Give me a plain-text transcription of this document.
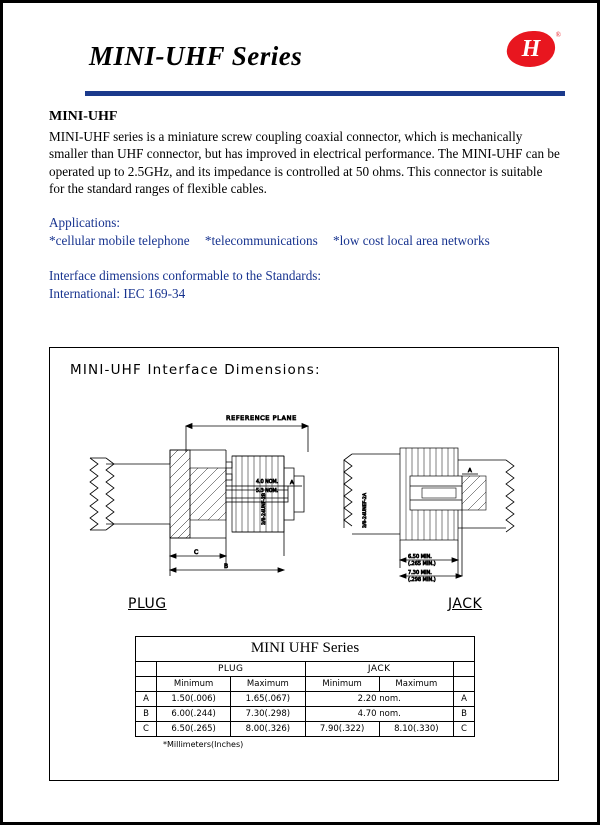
MINI-UHF Series	H
®

MINI-UHF

MINI-UHF series is a miniature screw coupling coaxial connector, which is mechanically smaller than UHF connector, but has improved in electrical performance. The MINI-UHF can be operated up to 2.5GHz, and its impedance is controlled at 50 ohms. This connector is suitable for the standard ranges of flexible cables.

Applications:
*cellular mobile telephone *telecommunications *low cost local area networks
Interface dimensions conformable to the Standards:
International: IEC 169-34
MINI-UHF Interface Dimensions:
REFERENCE PLANE
4.0 NOM.
5.3 NOM.
3/8-24UNF-2B
C
B
A
3/8-24UNEF-2A
A
6.50 MIN.
(.265 MIN.)
7.30 MIN.
(.298 MIN.)
PLUG	JACK
MINI UHF Series					
	PLUG		JACK		
	Minimum	Maximum	Minimum	Maximum	
A	1.50(.006)	1.65(.067)	2.20 nom.		A
B	6.00(.244)	7.30(.298)	4.70 nom.		B
C	6.50(.265)	8.00(.326)	7.90(.322)	8.10(.330)	C
*Millimeters(Inches)
